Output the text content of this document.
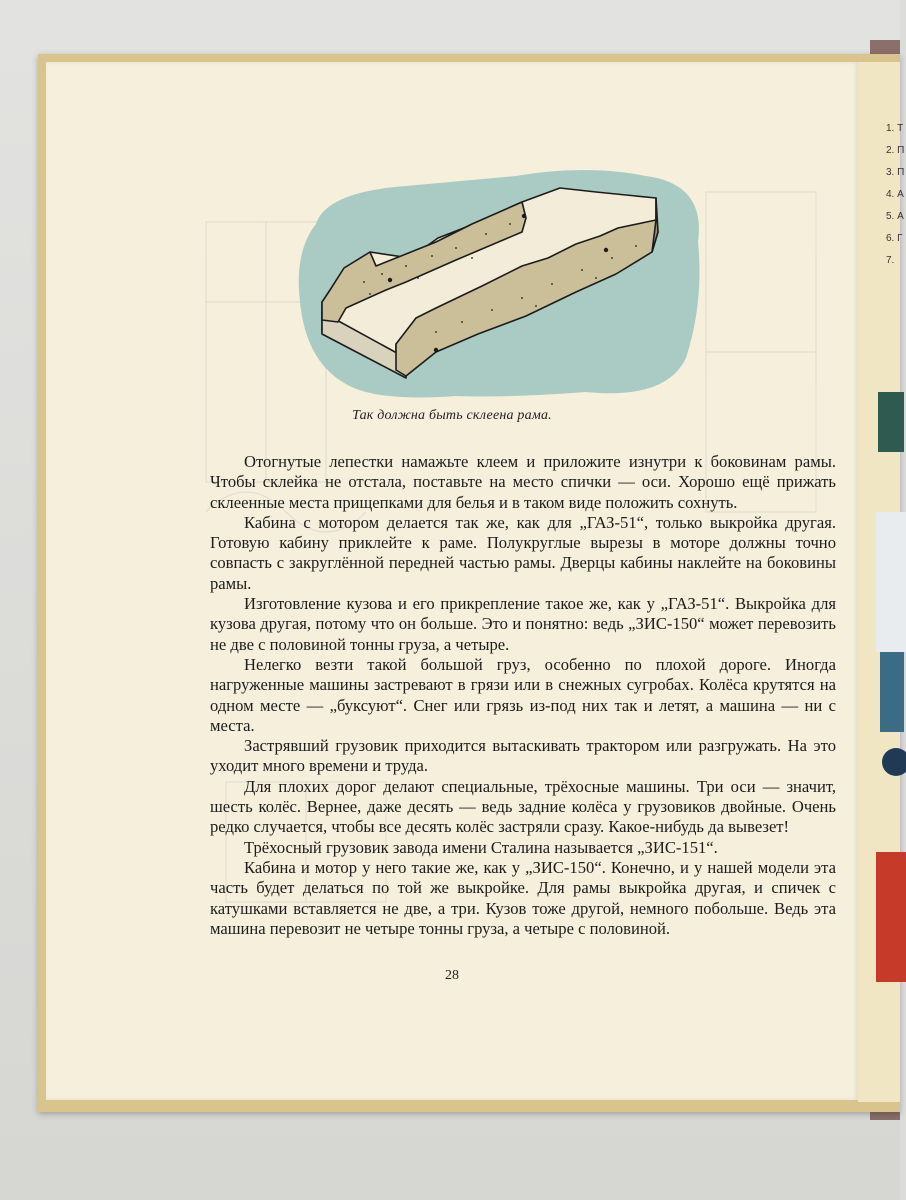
1. Т
2. П
3. П
4. А
5. А
6. Г
7.
Так должна быть склеена рама.

Отогнутые лепестки намажьте клеем и приложите изнутри к боковинам рамы. Чтобы склейка не отстала, поставьте на место спички — оси. Хорошо ещё прижать склеенные места прищепками для белья и в таком виде положить сохнуть.

Кабина с мотором делается так же, как для „ГАЗ-51“, только выкройка другая. Готовую кабину приклейте к раме. Полукруглые вырезы в моторе должны точно совпасть с закруглённой передней частью рамы. Дверцы кабины наклейте на боковины рамы.

Изготовление кузова и его прикрепление такое же, как у „ГАЗ-51“. Выкройка для кузова другая, потому что он больше. Это и понятно: ведь „ЗИС-150“ может перевозить не две с половиной тонны груза, а четыре.

Нелегко везти такой большой груз, особенно по плохой дороге. Иногда нагруженные машины застревают в грязи или в снежных сугробах. Колёса крутятся на одном месте — „буксуют“. Снег или грязь из-под них так и летят, а машина — ни с места.

Застрявший грузовик приходится вытаскивать трактором или разгружать. На это уходит много времени и труда.

Для плохих дорог делают специальные, трёхосные машины. Три оси — значит, шесть колёс. Вернее, даже десять — ведь задние колёса у грузовиков двойные. Очень редко случается, чтобы все десять колёс застряли сразу. Какое-нибудь да вывезет!

Трёхосный грузовик завода имени Сталина называется „ЗИС-151“.

Кабина и мотор у него такие же, как у „ЗИС-150“. Конечно, и у нашей модели эта часть будет делаться по той же выкройке. Для рамы выкройка другая, и спичек с катушками вставляется не две, а три. Кузов тоже другой, немного побольше. Ведь эта машина перевозит не четыре тонны груза, а четыре с половиной.

28
